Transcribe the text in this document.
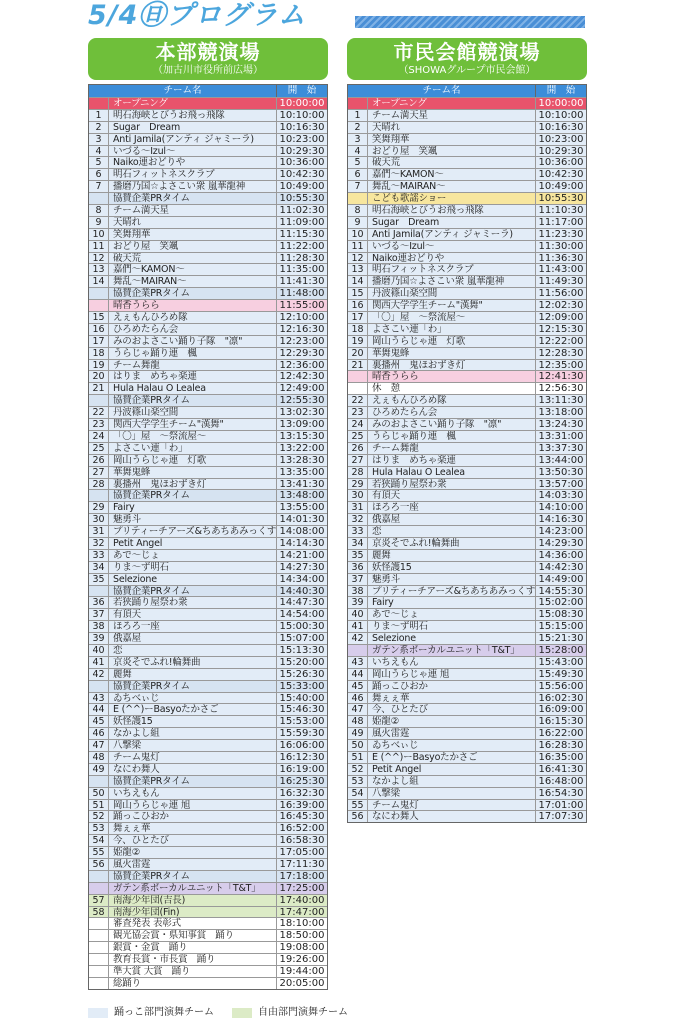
5/4㊐プログラム
本部競演場
（加古川市役所前広場）
市民会館競演場
（SHOWAグループ市民会館）
チーム名	開　始
オープニング	10:00:00
1	明石海峡とびうお飛っ飛隊	10:10:00
2	Sugar　Dream	10:16:30
3	Anti Jamila(アンティ ジャミーラ)	10:23:00
4	いづる〜Izul〜	10:29:30
5	Naiko連おどりや	10:36:00
6	明石フィットネスクラブ	10:42:30
7	播磨乃国☆よさこい衆 嵐華龍神	10:49:00
協賛企業PRタイム	10:55:30
8	チーム満天星	11:02:30
9	天晴れ	11:09:00
10 笑舞翔華	11:15:30
11 おどり屋　笑颯	11:22:00
12 破天荒	11:28:30
13 嘉們〜KAMON〜	11:35:00
14 舞乱〜MAIRAN〜	11:41:30
協賛企業PRタイム	11:48:00
晴香うらら	11:55:00
15 えぇもんひろめ隊	12:10:00
16 ひろめたらん会	12:16:30
17 みのおよさこい踊り子隊　"凛"	12:23:00
18 うらじゃ踊り連　楓	12:29:30
19 チーム舞龍	12:36:00
20 はりま　めちゃ楽連	12:42:30
21 Hula Halau O Lealea	12:49:00
協賛企業PRタイム	12:55:30
22 丹波篠山楽空間	13:02:30
23 関西大学学生チーム"漢舞"	13:09:00
24 「〇」屋　〜祭流屋〜	13:15:30
25 よさこい連「わ」	13:22:00
26 岡山うらじゃ連　灯歌	13:28:30
27 華舞鬼蜂	13:35:00
28 裏播州　鬼ほおずき灯	13:41:30
協賛企業PRタイム	13:48:00
29 Fairy	13:55:00
30 魅勇斗	14:01:30
31 プリティーチアーズ&ちあちあみっくす 14:08:00
32 Petit Angel	14:14:30
33 あで〜じょ	14:21:00
34 りま〜ず明石	14:27:30
35 Selezione	14:34:00
協賛企業PRタイム	14:40:30
36 若狭踊り屋祭わ衆	14:47:30
37 有頂天	14:54:00
38 ほろろ一座	15:00:30
39 俄嘉屋	15:07:00
40 恋	15:13:30
41 京炎そでふれ!輪舞曲	15:20:00
42 麗舞	15:26:30
協賛企業PRタイム	15:33:00
43 ゐちべぃじ	15:40:00
44 E (^^)ーBasyoたかさご	15:46:30
45 妖怪護15	15:53:00
46 なかよし組	15:59:30
47 八撃梁	16:06:00
48 チーム鬼灯	16:12:30
49 なにわ舞人	16:19:00
協賛企業PRタイム	16:25:30
50 いちえもん	16:32:30
51 岡山うらじゃ連 旭	16:39:00
52 踊っこひおか	16:45:30
53 舞ぇぇ華	16:52:00
54 今、ひとたび	16:58:30
55 姫龍②	17:05:00
56 風火雷霆	17:11:30
協賛企業PRタイム	17:18:00
ガテン系ボーカルユニット「T&T」	17:25:00
57 南海少年団(吉長)	17:40:00
58 南海少年団(Fin)	17:47:00
審査発表 表彰式	18:10:00
観光協会賞・県知事賞　踊り	18:50:00
銀賞・金賞　踊り	19:08:00
教育長賞・市長賞　踊り	19:26:00
準大賞 大賞　踊り	19:44:00
総踊り	20:05:00
チーム名	開　始
オープニング	10:00:00
1	チーム満天星	10:10:00
2	天晴れ	10:16:30
3	笑舞翔華	10:23:00
4	おどり屋　笑颯	10:29:30
5	破天荒	10:36:00
6	嘉們〜KAMON〜	10:42:30
7	舞乱〜MAIRAN〜	10:49:00
こども歌謡ショー	10:55:30
8	明石海峡とびうお飛っ飛隊	11:10:30
9	Sugar　Dream	11:17:00
10 Anti Jamila(アンティ ジャミーラ)	11:23:30
11 いづる〜Izul〜	11:30:00
12 Naiko連おどりや	11:36:30
13 明石フィットネスクラブ	11:43:00
14 播磨乃国☆よさこい衆 嵐華龍神	11:49:30
15 丹波篠山楽空間	11:56:00
16 関西大学学生チーム"漢舞"	12:02:30
17 「〇」屋　〜祭流屋〜	12:09:00
18 よさこい連「わ」	12:15:30
19 岡山うらじゃ連　灯歌	12:22:00
20 華舞鬼蜂	12:28:30
21 裏播州　鬼ほおずき灯	12:35:00
晴香うらら	12:41:30
休　憩	12:56:30
22 えぇもんひろめ隊	13:11:30
23 ひろめたらん会	13:18:00
24 みのおよさこい踊り子隊　"凛"	13:24:30
25 うらじゃ踊り連　楓	13:31:00
26 チーム舞龍	13:37:30
27 はりま　めちゃ楽連	13:44:00
28 Hula Halau O Lealea	13:50:30
29 若狭踊り屋祭わ衆	13:57:00
30 有頂天	14:03:30
31 ほろろ一座	14:10:00
32 俄嘉屋	14:16:30
33 恋	14:23:00
34 京炎そでふれ!輪舞曲	14:29:30
35 麗舞	14:36:00
36 妖怪護15	14:42:30
37 魅勇斗	14:49:00
38 プリティーチアーズ&ちあちあみっくす 14:55:30
39 Fairy	15:02:00
40 あで〜じょ	15:08:30
41 りま〜ず明石	15:15:00
42 Selezione	15:21:30
ガテン系ボーカルユニット「T&T」	15:28:00
43 いちえもん	15:43:00
44 岡山うらじゃ連 旭	15:49:30
45 踊っこひおか	15:56:00
46 舞ぇぇ華	16:02:30
47 今、ひとたび	16:09:00
48 姫龍②	16:15:30
49 風火雷霆	16:22:00
50 ゐちべぃじ	16:28:30
51 E (^^)ーBasyoたかさご	16:35:00
52 Petit Angel	16:41:30
53 なかよし組	16:48:00
54 八撃梁	16:54:30
55 チーム鬼灯	17:01:00
56 なにわ舞人	17:07:30
踊っこ部門演舞チーム	自由部門演舞チーム
